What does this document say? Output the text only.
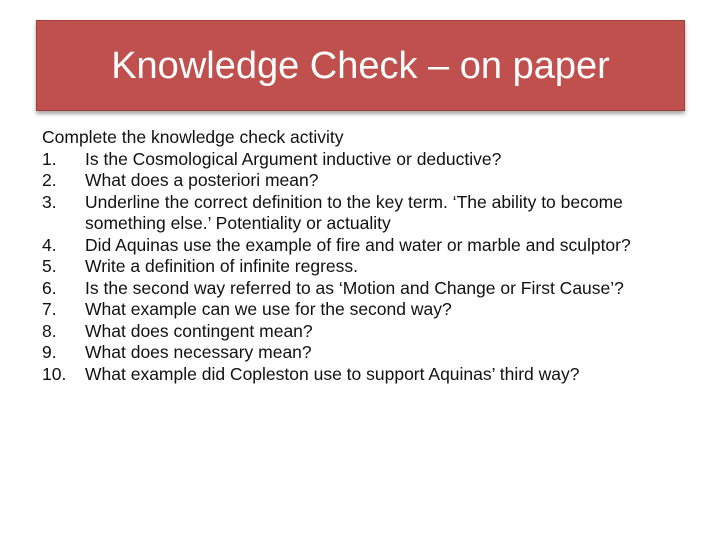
Knowledge Check – on paper

Complete the knowledge check activity

1.	Is the Cosmological Argument inductive or deductive?
2.	What does a posteriori mean?
3.	Underline the correct definition to the key term. ‘The ability to become something else.’ Potentiality or actuality
4.	Did Aquinas use the example of fire and water or marble and sculptor?
5.	Write a definition of infinite regress.
6.	Is the second way referred to as ‘Motion and Change or First Cause’?
7.	What example can we use for the second way?
8.	What does contingent mean?
9.	What does necessary mean?
10.	What example did Copleston use to support Aquinas’ third way?
